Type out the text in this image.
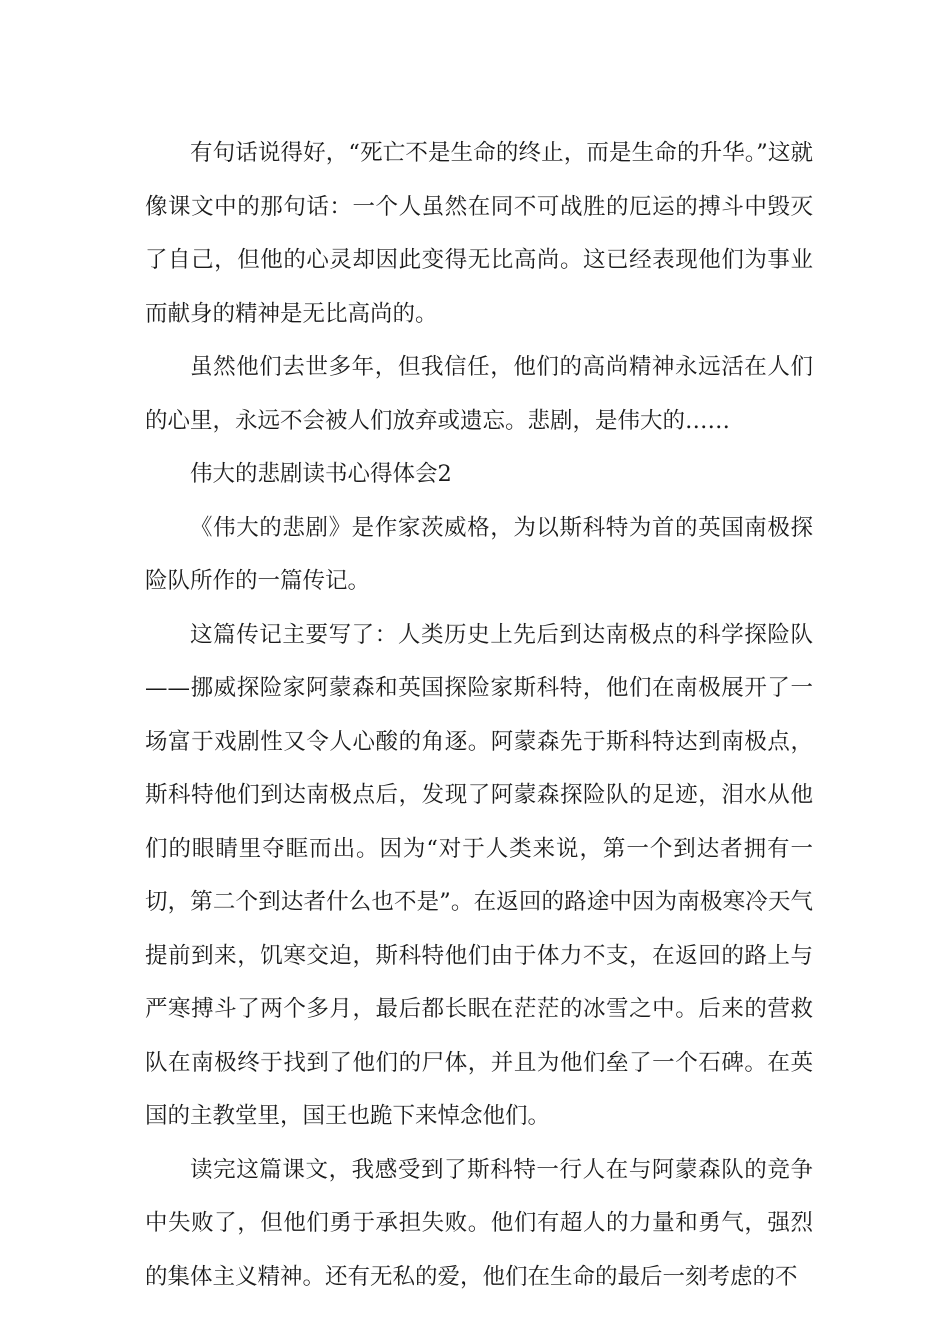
有句话说得好，“死亡不是生命的终止，而是生命的升华。”这就像课文中的那句话：一个人虽然在同不可战胜的厄运的搏斗中毁灭了自己，但他的心灵却因此变得无比高尚。这已经表现他们为事业而献身的精神是无比高尚的。

虽然他们去世多年，但我信任，他们的高尚精神永远活在人们的心里，永远不会被人们放弃或遗忘。悲剧，是伟大的……

伟大的悲剧读书心得体会2

《伟大的悲剧》是作家茨威格，为以斯科特为首的英国南极探险队所作的一篇传记。

这篇传记主要写了：人类历史上先后到达南极点的科学探险队——挪威探险家阿蒙森和英国探险家斯科特，他们在南极展开了一场富于戏剧性又令人心酸的角逐。阿蒙森先于斯科特达到南极点，斯科特他们到达南极点后，发现了阿蒙森探险队的足迹，泪水从他们的眼睛里夺眶而出。因为“对于人类来说，第一个到达者拥有一切，第二个到达者什么也不是”。在返回的路途中因为南极寒冷天气提前到来，饥寒交迫，斯科特他们由于体力不支，在返回的路上与严寒搏斗了两个多月，最后都长眠在茫茫的冰雪之中。后来的营救队在南极终于找到了他们的尸体，并且为他们垒了一个石碑。在英国的主教堂里，国王也跪下来悼念他们。

读完这篇课文，我感受到了斯科特一行人在与阿蒙森队的竞争中失败了，但他们勇于承担失败。他们有超人的力量和勇气，强烈的集体主义精神。还有无私的爱，他们在生命的最后一刻考虑的不
